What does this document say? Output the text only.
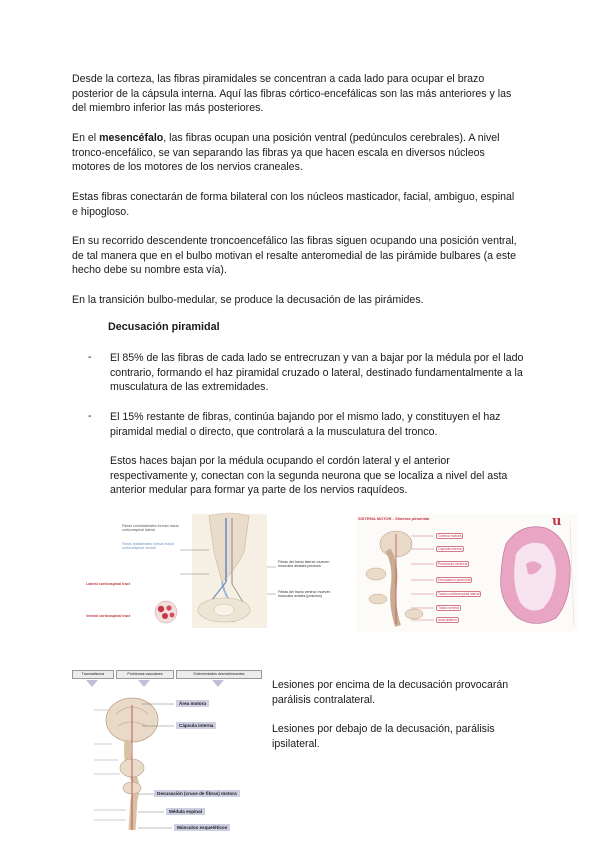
Desde la corteza, las fibras piramidales se concentran a cada lado para ocupar el brazo posterior de la cápsula interna. Aquí las fibras córtico-encefálicas son las más anteriores y las del miembro inferior las más posteriores.

En el mesencéfalo, las fibras ocupan una posición ventral (pedúnculos cerebrales). A nivel tronco-encefálico, se van separando las fibras ya que hacen escala en diversos núcleos motores de los motores de los nervios craneales.

Estas fibras conectarán de forma bilateral con los núcleos masticador, facial, ambiguo, espinal e hipogloso.

En su recorrido descendente troncoencefálico las fibras siguen ocupando una posición ventral, de tal manera que en el bulbo motivan el resalte anteromedial de las pirámide bulbares (a este hecho debe su nombre esta vía).

En la transición bulbo-medular, se produce la decusación de las pirámides.

Decusación piramidal
- El 85% de las fibras de cada lado se entrecruzan y van a bajar por la médula por el lado contrario, formando el haz piramidal cruzado o lateral, destinado fundamentalmente a la musculatura de las extremidades.

- El 15% restante de fibras, continúa bajando por el mismo lado, y constituyen el haz piramidal medial o directo, que controlará a la musculatura del tronco.

Estos haces bajan por la médula ocupando el cordón lateral y el anterior respectivamente y, conectan con la segunda neurona que se localiza a nivel del asta anterior medular para formar ya parte de los nervios raquídeos.

Fibras contralaterales forman tracto corticoespinal lateral
Fibras ipsilaterales forman tracto corticoespinal ventral
Lateral corticospinal tract
Ventral corticospinal tract
Fibras del tracto lateral: mueven musculos distales precisos
Fibras del tracto ventral: mueven musculos axiales (posicion)
SISTEMA MOTOR - Sistema piramidal
Corteza motora
Capsula interna
Pedunculo cerebral
Decusacion piramidal
Tracto corticoespinal lateral
Tracto ventral
Asta anterior
u
Traumatismos	Problemas vasculares	Enfermedades desmielinizantes
Área motora
Cápsula interna
Decusación (cruce de fibras) motora
Médula espinal
Músculos esqueléticos

Lesiones por encima de la decusación provocarán parálisis contralateral.

Lesiones por debajo de la decusación, parálisis ipsilateral.
